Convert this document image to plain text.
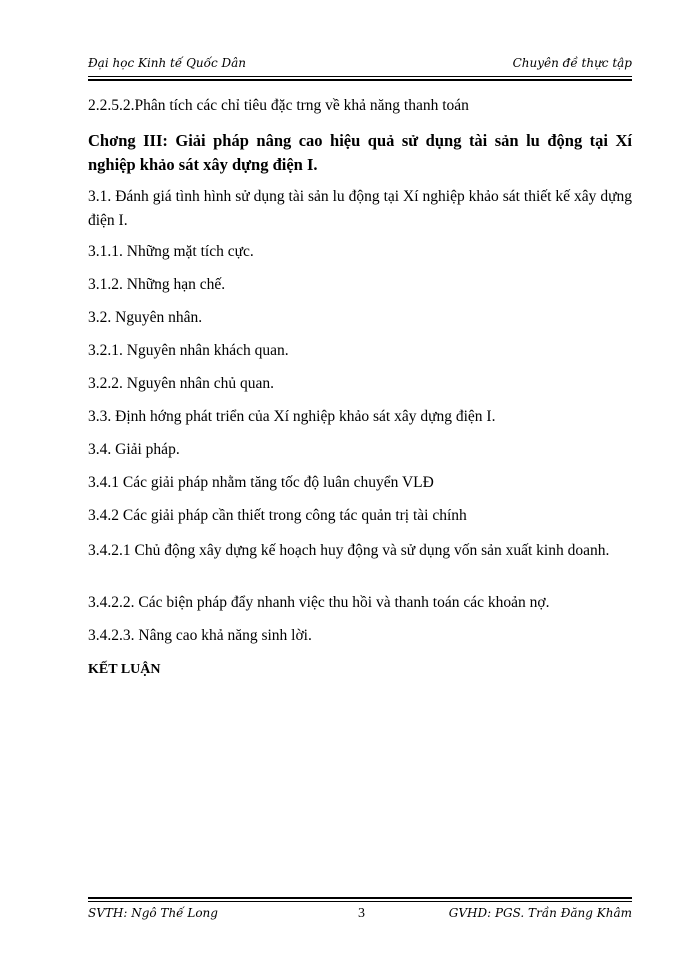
Đại học Kinh tế Quốc Dân	Chuyên đề thực tập
2.2.5.2.Phân tích các chỉ tiêu đặc trng về khả năng thanh toán
Chơng III: Giải pháp nâng cao hiệu quả sử dụng tài sản lu động tại Xí nghiệp khảo sát xây dựng điện I.
3.1. Đánh giá tình hình sử dụng tài sản lu động tại Xí nghiệp khảo sát thiết kế xây dựng điện I.
3.1.1. Những mặt tích cực.
3.1.2. Những hạn chế.
3.2. Nguyên nhân.
3.2.1. Nguyên nhân khách quan.
3.2.2. Nguyên nhân chủ quan.
3.3. Định hớng phát triển của Xí nghiệp khảo sát xây dựng điện I.
3.4. Giải pháp.
3.4.1 Các giải pháp nhằm tăng tốc độ luân chuyển VLĐ
3.4.2 Các giải pháp cần thiết trong công tác quản trị tài chính
3.4.2.1 Chủ động xây dựng kế hoạch huy động và sử dụng vốn sản xuất kinh doanh.
3.4.2.2. Các biện pháp đẩy nhanh việc thu hồi và thanh toán các khoản nợ.
3.4.2.3. Nâng cao khả năng sinh lời.
KẾT LUẬN
SVTH: Ngô Thế Long	3	GVHD: PGS. Trần Đăng Khâm
